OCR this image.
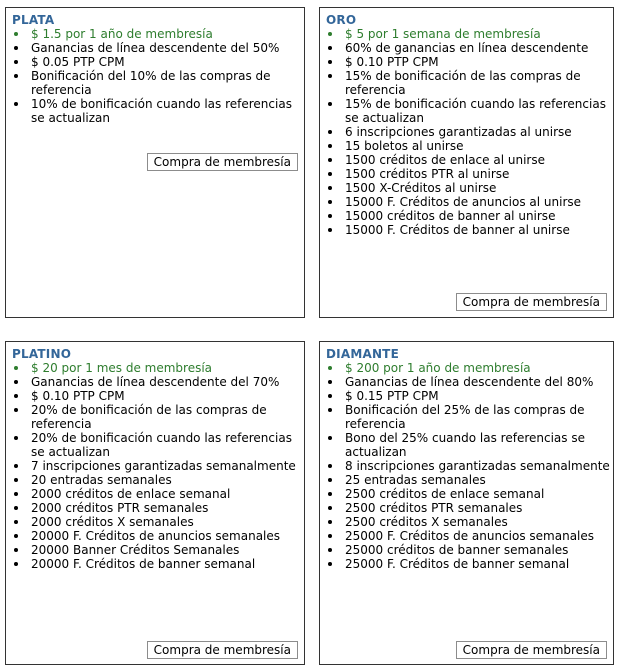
PLATA
$ 1.5 por 1 año de membresía
Ganancias de línea descendente del 50%
$ 0.05 PTP CPM
Bonificación del 10% de las compras de referencia
10% de bonificación cuando las referencias se actualizan
Compra de membresía
ORO
$ 5 por 1 semana de membresía
60% de ganancias en línea descendente
$ 0.10 PTP CPM
15% de bonificación de las compras de referencia
15% de bonificación cuando las referencias se actualizan
6 inscripciones garantizadas al unirse
15 boletos al unirse
1500 créditos de enlace al unirse
1500 créditos PTR al unirse
1500 X-Créditos al unirse
15000 F. Créditos de anuncios al unirse
15000 créditos de banner al unirse
15000 F. Créditos de banner al unirse
Compra de membresía
PLATINO
$ 20 por 1 mes de membresía
Ganancias de línea descendente del 70%
$ 0.10 PTP CPM
20% de bonificación de las compras de referencia
20% de bonificación cuando las referencias se actualizan
7 inscripciones garantizadas semanalmente
20 entradas semanales
2000 créditos de enlace semanal
2000 créditos PTR semanales
2000 créditos X semanales
20000 F. Créditos de anuncios semanales
20000 Banner Créditos Semanales
20000 F. Créditos de banner semanal
Compra de membresía
DIAMANTE
$ 200 por 1 año de membresía
Ganancias de línea descendente del 80%
$ 0.15 PTP CPM
Bonificación del 25% de las compras de referencia
Bono del 25% cuando las referencias se actualizan
8 inscripciones garantizadas semanalmente
25 entradas semanales
2500 créditos de enlace semanal
2500 créditos PTR semanales
2500 créditos X semanales
25000 F. Créditos de anuncios semanales
25000 créditos de banner semanales
25000 F. Créditos de banner semanal
Compra de membresía
